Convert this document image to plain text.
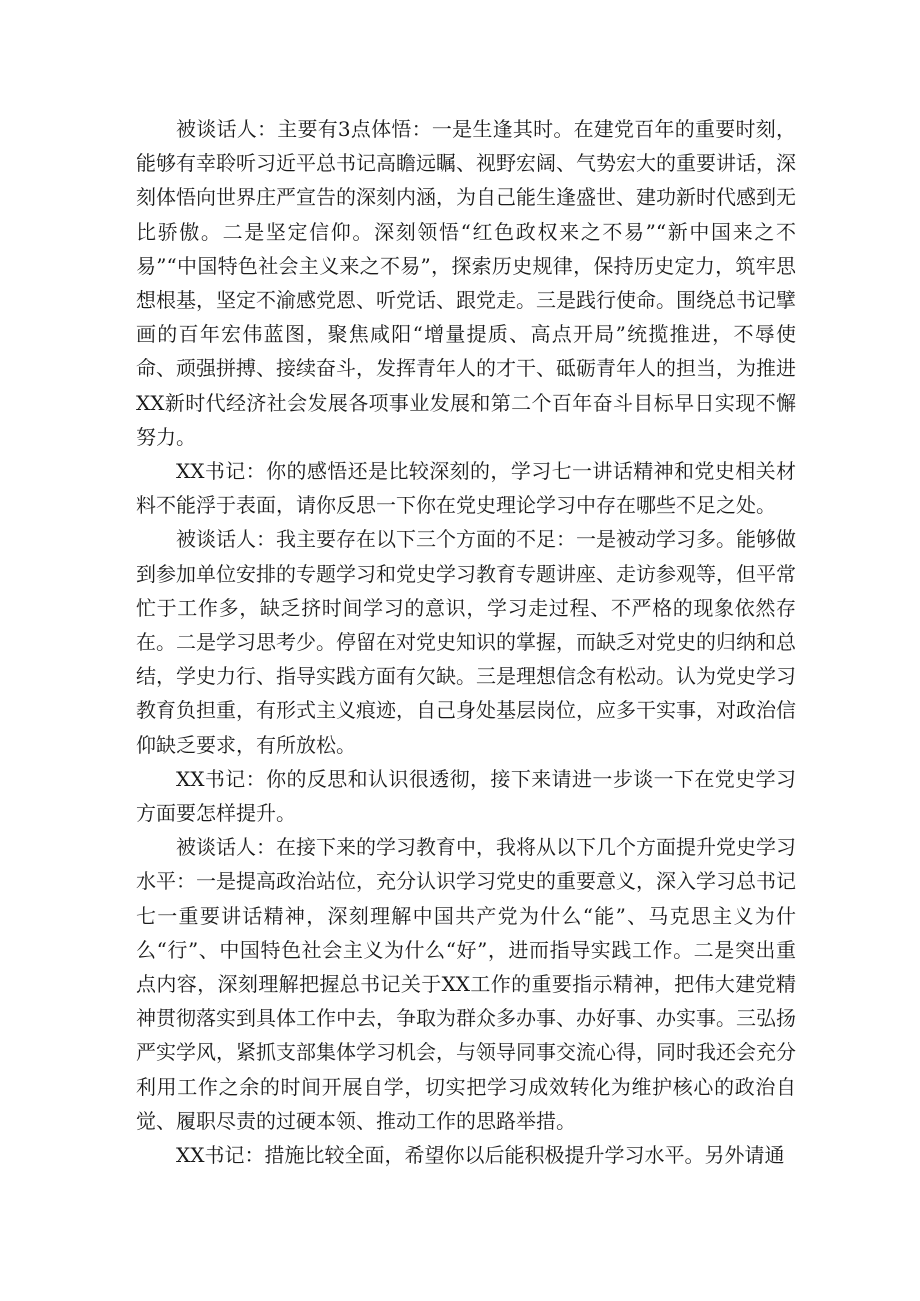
被谈话人：主要有3点体悟：一是生逢其时。在建党百年的重要时刻，能够有幸聆听习近平总书记高瞻远瞩、视野宏阔、气势宏大的重要讲话，深刻体悟向世界庄严宣告的深刻内涵，为自己能生逢盛世、建功新时代感到无比骄傲。二是坚定信仰。深刻领悟“红色政权来之不易”“新中国来之不易”“中国特色社会主义来之不易”，探索历史规律，保持历史定力，筑牢思想根基，坚定不渝感党恩、听党话、跟党走。三是践行使命。围绕总书记擘画的百年宏伟蓝图，聚焦咸阳“增量提质、高点开局”统揽推进，不辱使命、顽强拼搏、接续奋斗，发挥青年人的才干、砥砺青年人的担当，为推进XX新时代经济社会发展各项事业发展和第二个百年奋斗目标早日实现不懈努力。

XX书记：你的感悟还是比较深刻的，学习七一讲话精神和党史相关材料不能浮于表面，请你反思一下你在党史理论学习中存在哪些不足之处。

被谈话人：我主要存在以下三个方面的不足：一是被动学习多。能够做到参加单位安排的专题学习和党史学习教育专题讲座、走访参观等，但平常忙于工作多，缺乏挤时间学习的意识，学习走过程、不严格的现象依然存在。二是学习思考少。停留在对党史知识的掌握，而缺乏对党史的归纳和总结，学史力行、指导实践方面有欠缺。三是理想信念有松动。认为党史学习教育负担重，有形式主义痕迹，自己身处基层岗位，应多干实事，对政治信仰缺乏要求，有所放松。

XX书记：你的反思和认识很透彻，接下来请进一步谈一下在党史学习方面要怎样提升。

被谈话人：在接下来的学习教育中，我将从以下几个方面提升党史学习水平：一是提高政治站位，充分认识学习党史的重要意义，深入学习总书记七一重要讲话精神，深刻理解中国共产党为什么“能”、马克思主义为什么“行”、中国特色社会主义为什么“好”，进而指导实践工作。二是突出重点内容，深刻理解把握总书记关于XX工作的重要指示精神，把伟大建党精神贯彻落实到具体工作中去，争取为群众多办事、办好事、办实事。三弘扬严实学风，紧抓支部集体学习机会，与领导同事交流心得，同时我还会充分利用工作之余的时间开展自学，切实把学习成效转化为维护核心的政治自觉、履职尽责的过硬本领、推动工作的思路举措。

XX书记：措施比较全面，希望你以后能积极提升学习水平。另外请通
